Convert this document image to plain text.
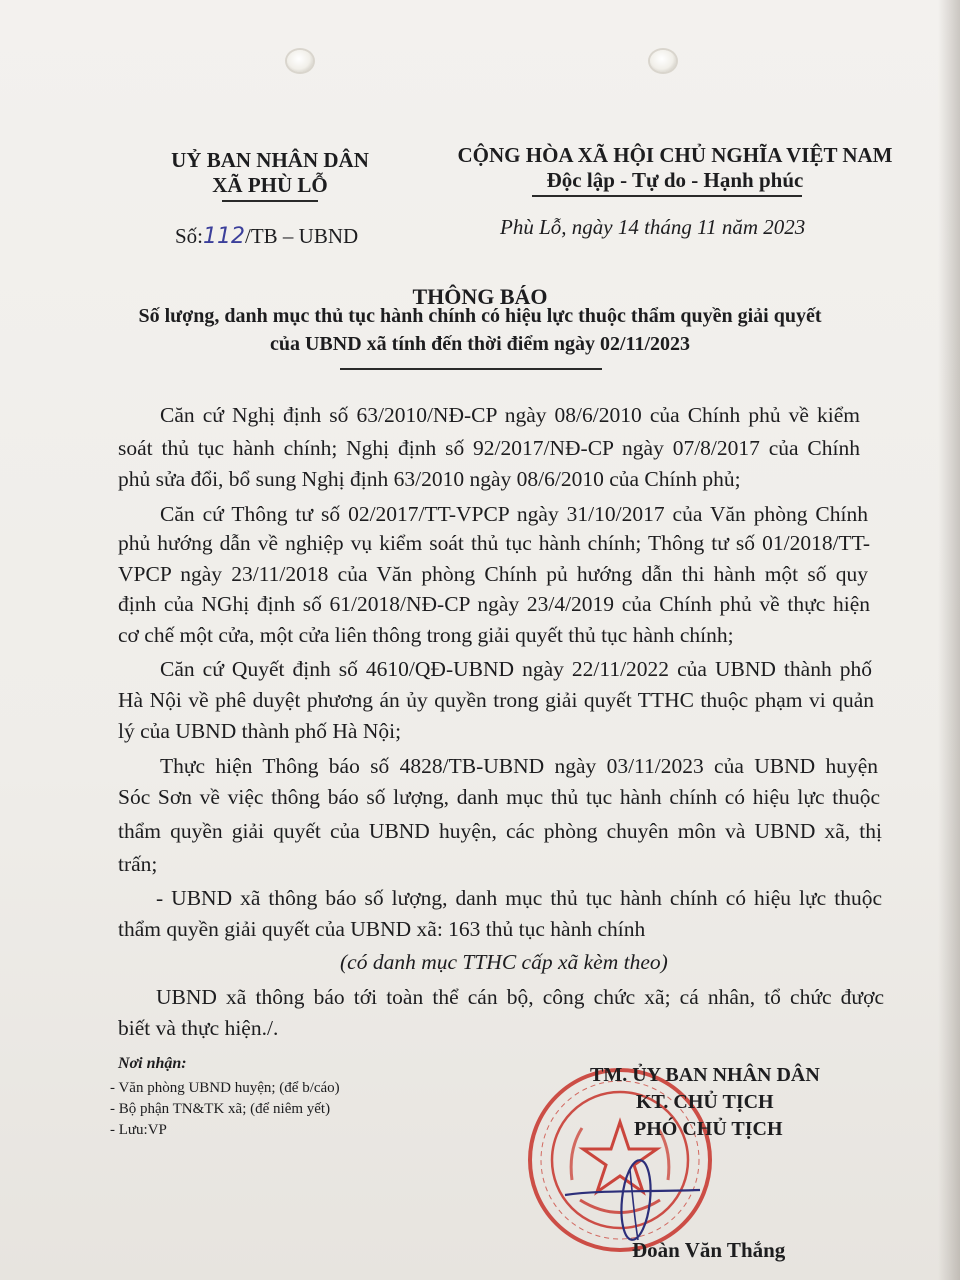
UỶ BAN NHÂN DÂN
XÃ PHÙ LỖ
Số:112/TB – UBND
CỘNG HÒA XÃ HỘI CHỦ NGHĨA VIỆT NAM
Độc lập - Tự do - Hạnh phúc
Phù Lỗ, ngày 14 tháng 11 năm 2023
THÔNG BÁO
Số lượng, danh mục thủ tục hành chính có hiệu lực thuộc thẩm quyền giải quyết
của UBND xã tính đến thời điểm ngày 02/11/2023
Căn cứ Nghị định số 63/2010/NĐ-CP ngày 08/6/2010 của Chính phủ về kiểm
soát thủ tục hành chính; Nghị định số 92/2017/NĐ-CP ngày 07/8/2017 của Chính
phủ sửa đổi, bổ sung Nghị định 63/2010 ngày 08/6/2010 của Chính phủ;
Căn cứ Thông tư số 02/2017/TT-VPCP ngày 31/10/2017 của Văn phòng Chính
phủ hướng dẫn về nghiệp vụ kiểm soát thủ tục hành chính; Thông tư số 01/2018/TT-
VPCP ngày 23/11/2018 của Văn phòng Chính pủ hướng dẫn thi hành một số quy
định của NGhị định số 61/2018/NĐ-CP ngày 23/4/2019 của Chính phủ về thực hiện
cơ chế một cửa, một cửa liên thông trong giải quyết thủ tục hành chính;
Căn cứ Quyết định số 4610/QĐ-UBND ngày 22/11/2022 của UBND thành phố
Hà Nội về phê duyệt phương án ủy quyền trong giải quyết TTHC thuộc phạm vi quản
lý của UBND thành phố Hà Nội;
Thực hiện Thông báo số 4828/TB-UBND ngày 03/11/2023 của UBND huyện
Sóc Sơn về việc thông báo số lượng, danh mục thủ tục hành chính có hiệu lực thuộc
thẩm quyền giải quyết của UBND huyện, các phòng chuyên môn và UBND xã, thị
trấn;
- UBND xã thông báo số lượng, danh mục thủ tục hành chính có hiệu lực thuộc
thẩm quyền giải quyết của UBND xã: 163 thủ tục hành chính
(có danh mục TTHC cấp xã kèm theo)
UBND xã thông báo tới toàn thể cán bộ, công chức xã; cá nhân, tổ chức được
biết và thực hiện./.
Nơi nhận:
- Văn phòng UBND huyện; (để b/cáo)
- Bộ phận TN&TK xã; (để niêm yết)
- Lưu:VP
TM. ỦY BAN NHÂN DÂN
KT. CHỦ TỊCH
PHÓ CHỦ TỊCH
Đoàn Văn Thắng
